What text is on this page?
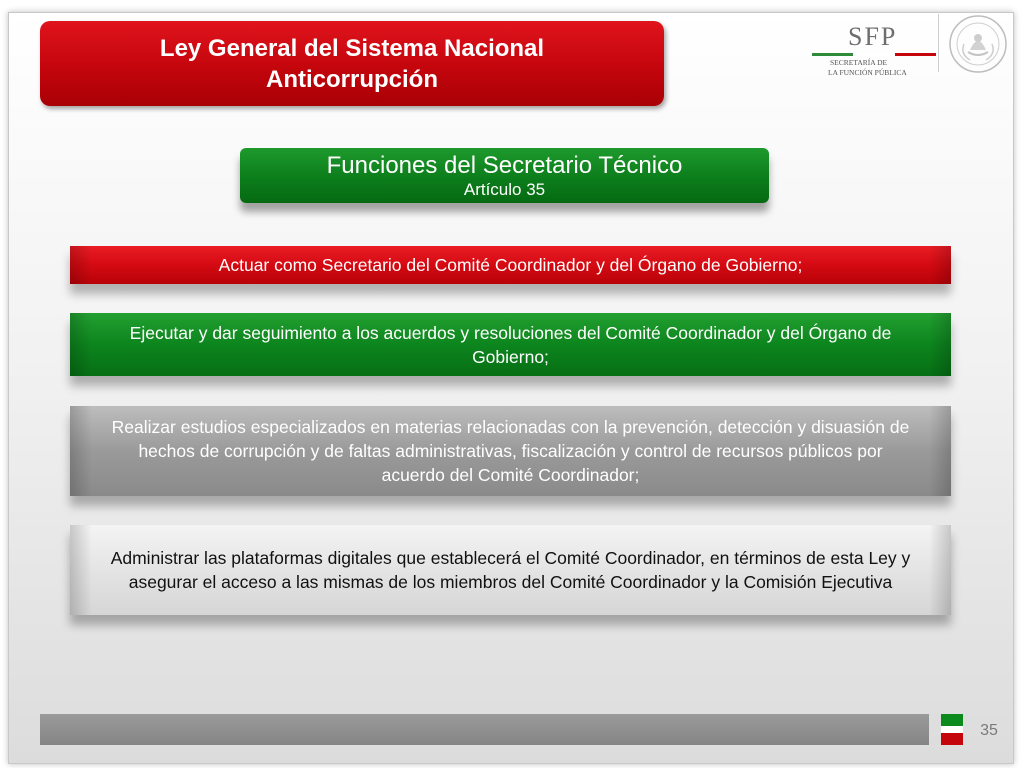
Ley General del Sistema Nacional
Anticorrupción
SFP
SECRETARÍA DE
LA FUNCIÓN PÚBLICA
Funciones del Secretario Técnico
Artículo 35
Actuar como Secretario del Comité Coordinador y del Órgano de Gobierno;
Ejecutar y dar seguimiento a los acuerdos y resoluciones del Comité Coordinador y del Órgano de Gobierno;
Realizar estudios especializados en materias relacionadas con la prevención, detección y disuasión de hechos de corrupción y de faltas administrativas, fiscalización y control de recursos públicos por acuerdo del Comité Coordinador;
Administrar las plataformas digitales que establecerá el Comité Coordinador, en términos de esta Ley y asegurar el acceso a las mismas de los miembros del Comité Coordinador y la Comisión Ejecutiva
35
